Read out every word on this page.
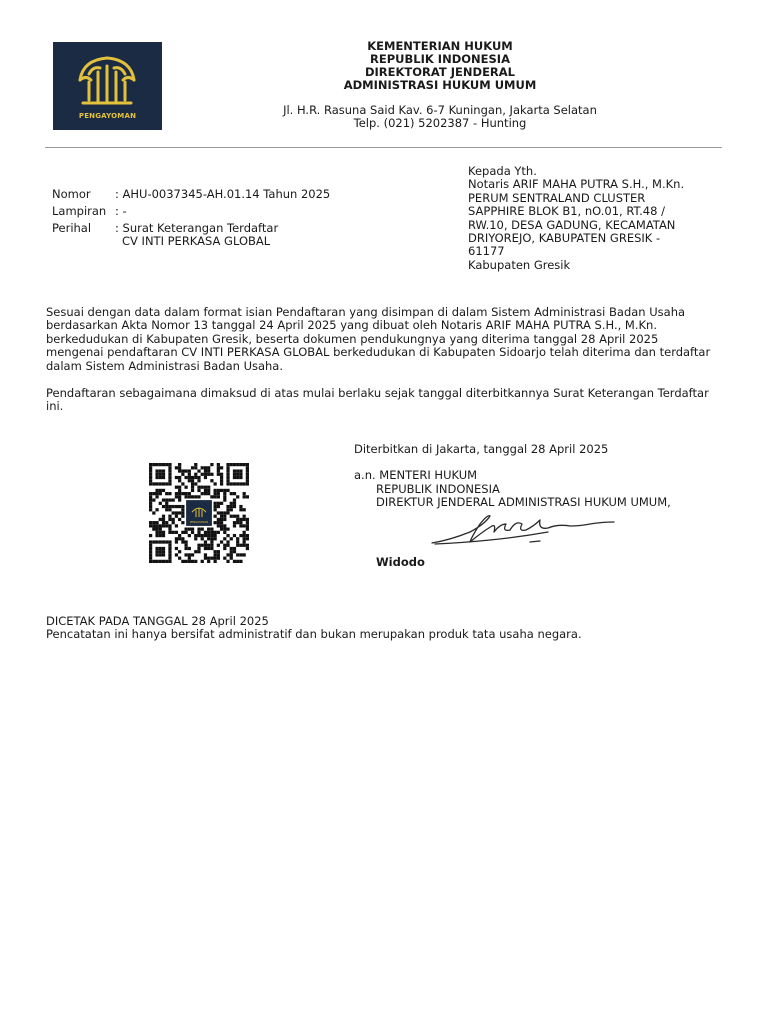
PENGAYOMAN
KEMENTERIAN HUKUM
REPUBLIK INDONESIA
DIREKTORAT JENDERAL
ADMINISTRASI HUKUM UMUM
Jl. H.R. Rasuna Said Kav. 6-7 Kuningan, Jakarta Selatan
Telp. (021) 5202387 - Hunting
Nomor	: AHU-0037345-AH.01.14 Tahun 2025

Lampiran	: -

Perihal	: Surat Keterangan Terdaftar
CV INTI PERKASA GLOBAL
Kepada Yth.
Notaris ARIF MAHA PUTRA S.H., M.Kn.
PERUM SENTRALAND CLUSTER
SAPPHIRE BLOK B1, nO.01, RT.48 /
RW.10, DESA GADUNG, KECAMATAN
DRIYOREJO, KABUPATEN GRESIK -
61177
Kabupaten Gresik

Sesuai dengan data dalam format isian Pendaftaran yang disimpan di dalam Sistem Administrasi Badan Usaha berdasarkan Akta Nomor 13 tanggal 24 April 2025 yang dibuat oleh Notaris ARIF MAHA PUTRA S.H., M.Kn. berkedudukan di Kabupaten Gresik, beserta dokumen pendukungnya yang diterima tanggal 28 April 2025 mengenai pendaftaran CV INTI PERKASA GLOBAL berkedudukan di Kabupaten Sidoarjo telah diterima dan terdaftar dalam Sistem Administrasi Badan Usaha.

Pendaftaran sebagaimana dimaksud di atas mulai berlaku sejak tanggal diterbitkannya Surat Keterangan Terdaftar ini.

Diterbitkan di Jakarta, tanggal 28 April 2025
a.n. MENTERI HUKUM
REPUBLIK INDONESIA
DIREKTUR JENDERAL ADMINISTRASI HUKUM UMUM,
PENGAYOMAN
Widodo
DICETAK PADA TANGGAL 28 April 2025
Pencatatan ini hanya bersifat administratif dan bukan merupakan produk tata usaha negara.
